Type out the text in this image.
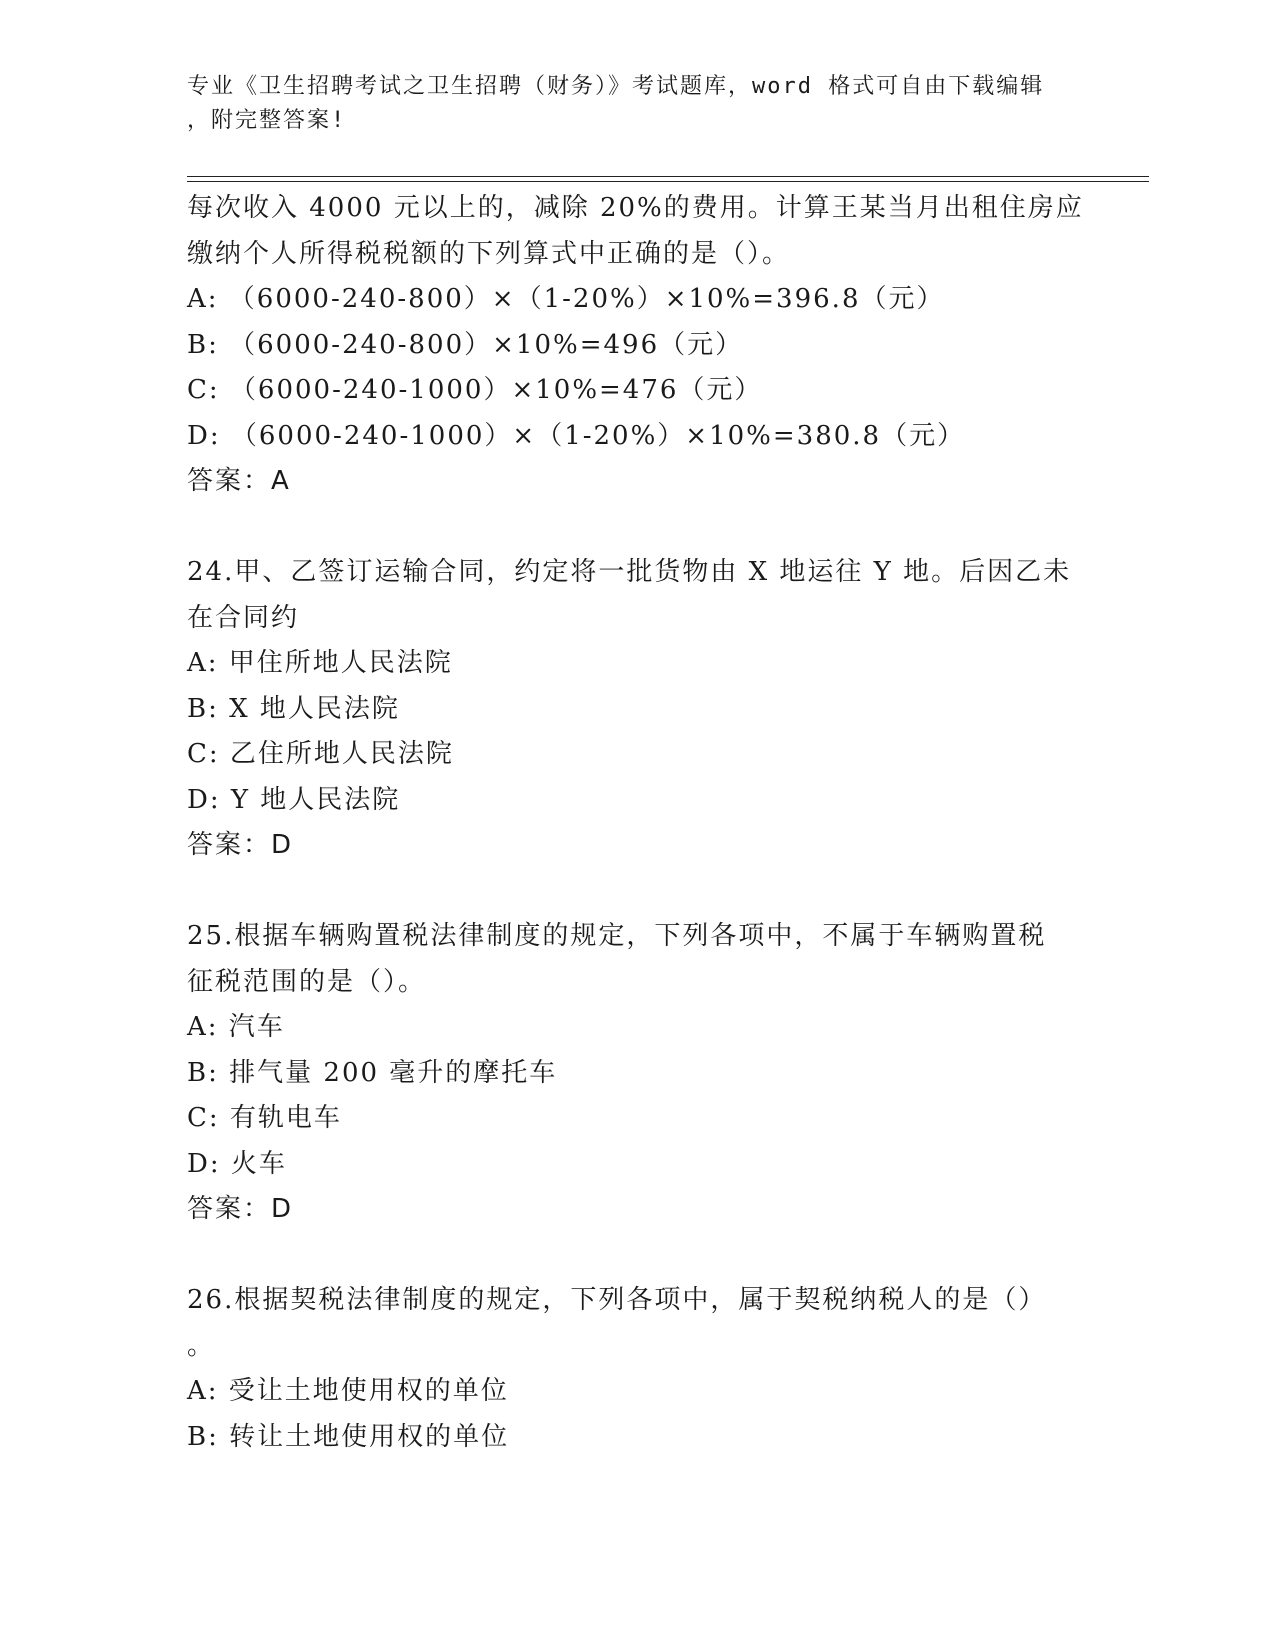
专业《卫生招聘考试之卫生招聘（财务）》考试题库，word 格式可自由下载编辑
，附完整答案!
每次收入 4000 元以上的，减除 20%的费用。计算王某当月出租住房应
缴纳个人所得税税额的下列算式中正确的是（）。
A: （6000-240-800）×（1-20%）×10%=396.8（元）
B: （6000-240-800）×10%=496（元）
C: （6000-240-1000）×10%=476（元）
D: （6000-240-1000）×（1-20%）×10%=380.8（元）
答案：A
24.甲、乙签订运输合同，约定将一批货物由 X 地运往 Y 地。后因乙未
在合同约
A: 甲住所地人民法院
B: X 地人民法院
C: 乙住所地人民法院
D: Y 地人民法院
答案：D
25.根据车辆购置税法律制度的规定，下列各项中，不属于车辆购置税
征税范围的是（）。
A: 汽车
B: 排气量 200 毫升的摩托车
C: 有轨电车
D: 火车
答案：D
26.根据契税法律制度的规定，下列各项中，属于契税纳税人的是（）
。
A: 受让土地使用权的单位
B: 转让土地使用权的单位
